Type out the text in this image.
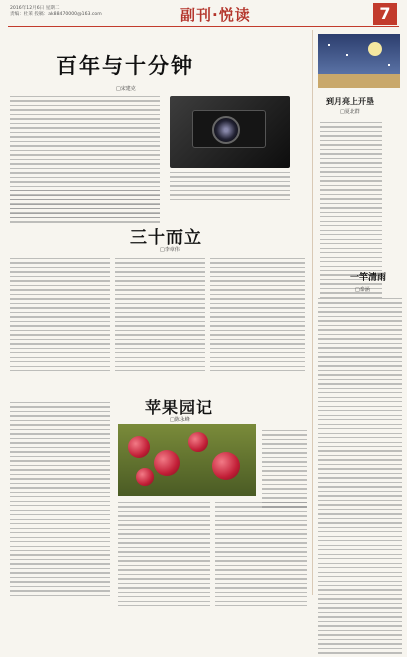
2016年12月6日 星期二
责编：杜莱 投稿：ak88470000@163.com	副刊·悦读	7
百年与十分钟
□宋建克
三十而立
□李章伟
苹果园记
□陈永峰
到月亮上开垦
□夏北群
一竿清雨
□泰涵
